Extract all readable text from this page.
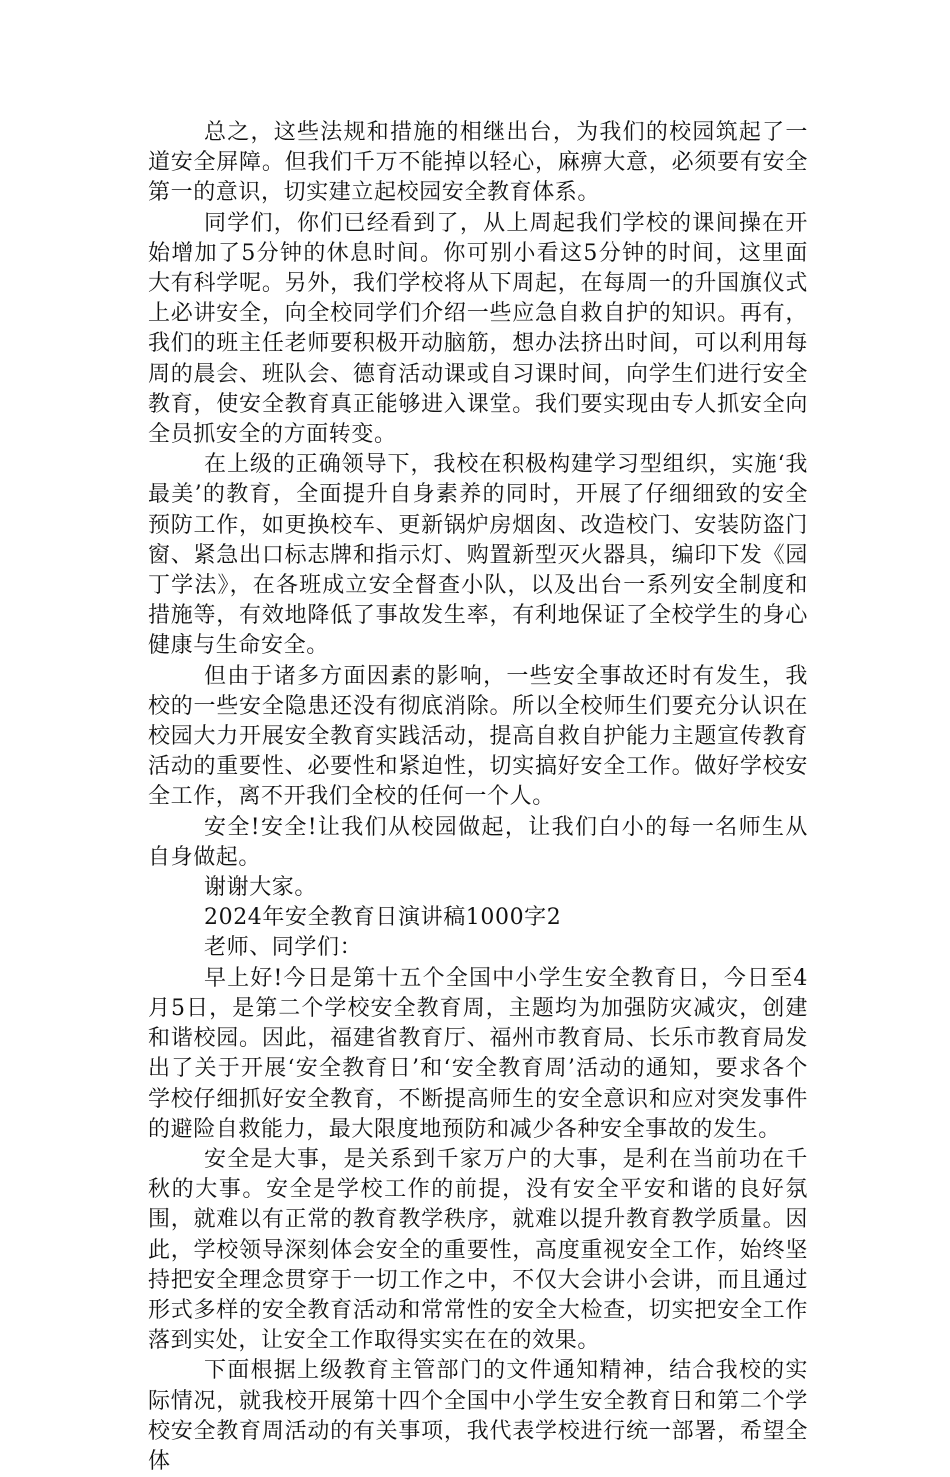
总之，这些法规和措施的相继出台，为我们的校园筑起了一道安全屏障。但我们千万不能掉以轻心，麻痹大意，必须要有安全第一的意识，切实建立起校园安全教育体系。

同学们，你们已经看到了，从上周起我们学校的课间操在开始增加了5分钟的休息时间。你可别小看这5分钟的时间，这里面大有科学呢。另外，我们学校将从下周起，在每周一的升国旗仪式上必讲安全，向全校同学们介绍一些应急自救自护的知识。再有，我们的班主任老师要积极开动脑筋，想办法挤出时间，可以利用每周的晨会、班队会、德育活动课或自习课时间，向学生们进行安全教育，使安全教育真正能够进入课堂。我们要实现由专人抓安全向全员抓安全的方面转变。

在上级的正确领导下，我校在积极构建学习型组织，实施‘我最美’的教育，全面提升自身素养的同时，开展了仔细细致的安全预防工作，如更换校车、更新锅炉房烟囱、改造校门、安装防盗门窗、紧急出口标志牌和指示灯、购置新型灭火器具，编印下发《园丁学法》，在各班成立安全督查小队，以及出台一系列安全制度和措施等，有效地降低了事故发生率，有利地保证了全校学生的身心健康与生命安全。

但由于诸多方面因素的影响，一些安全事故还时有发生，我校的一些安全隐患还没有彻底消除。所以全校师生们要充分认识在校园大力开展安全教育实践活动，提高自救自护能力主题宣传教育活动的重要性、必要性和紧迫性，切实搞好安全工作。做好学校安全工作，离不开我们全校的任何一个人。

安全!安全!让我们从校园做起，让我们白小的每一名师生从自身做起。

谢谢大家。

2024年安全教育日演讲稿1000字2

老师、同学们：

早上好!今日是第十五个全国中小学生安全教育日，今日至4月5日，是第二个学校安全教育周，主题均为加强防灾减灾，创建和谐校园。因此，福建省教育厅、福州市教育局、长乐市教育局发出了关于开展‘安全教育日’和‘安全教育周’活动的通知，要求各个学校仔细抓好安全教育，不断提高师生的安全意识和应对突发事件的避险自救能力，最大限度地预防和减少各种安全事故的发生。

安全是大事，是关系到千家万户的大事，是利在当前功在千秋的大事。安全是学校工作的前提，没有安全平安和谐的良好氛围，就难以有正常的教育教学秩序，就难以提升教育教学质量。因此，学校领导深刻体会安全的重要性，高度重视安全工作，始终坚持把安全理念贯穿于一切工作之中，不仅大会讲小会讲，而且通过形式多样的安全教育活动和常常性的安全大检查，切实把安全工作落到实处，让安全工作取得实实在在的效果。

下面根据上级教育主管部门的文件通知精神，结合我校的实际情况，就我校开展第十四个全国中小学生安全教育日和第二个学校安全教育周活动的有关事项，我代表学校进行统一部署，希望全体
